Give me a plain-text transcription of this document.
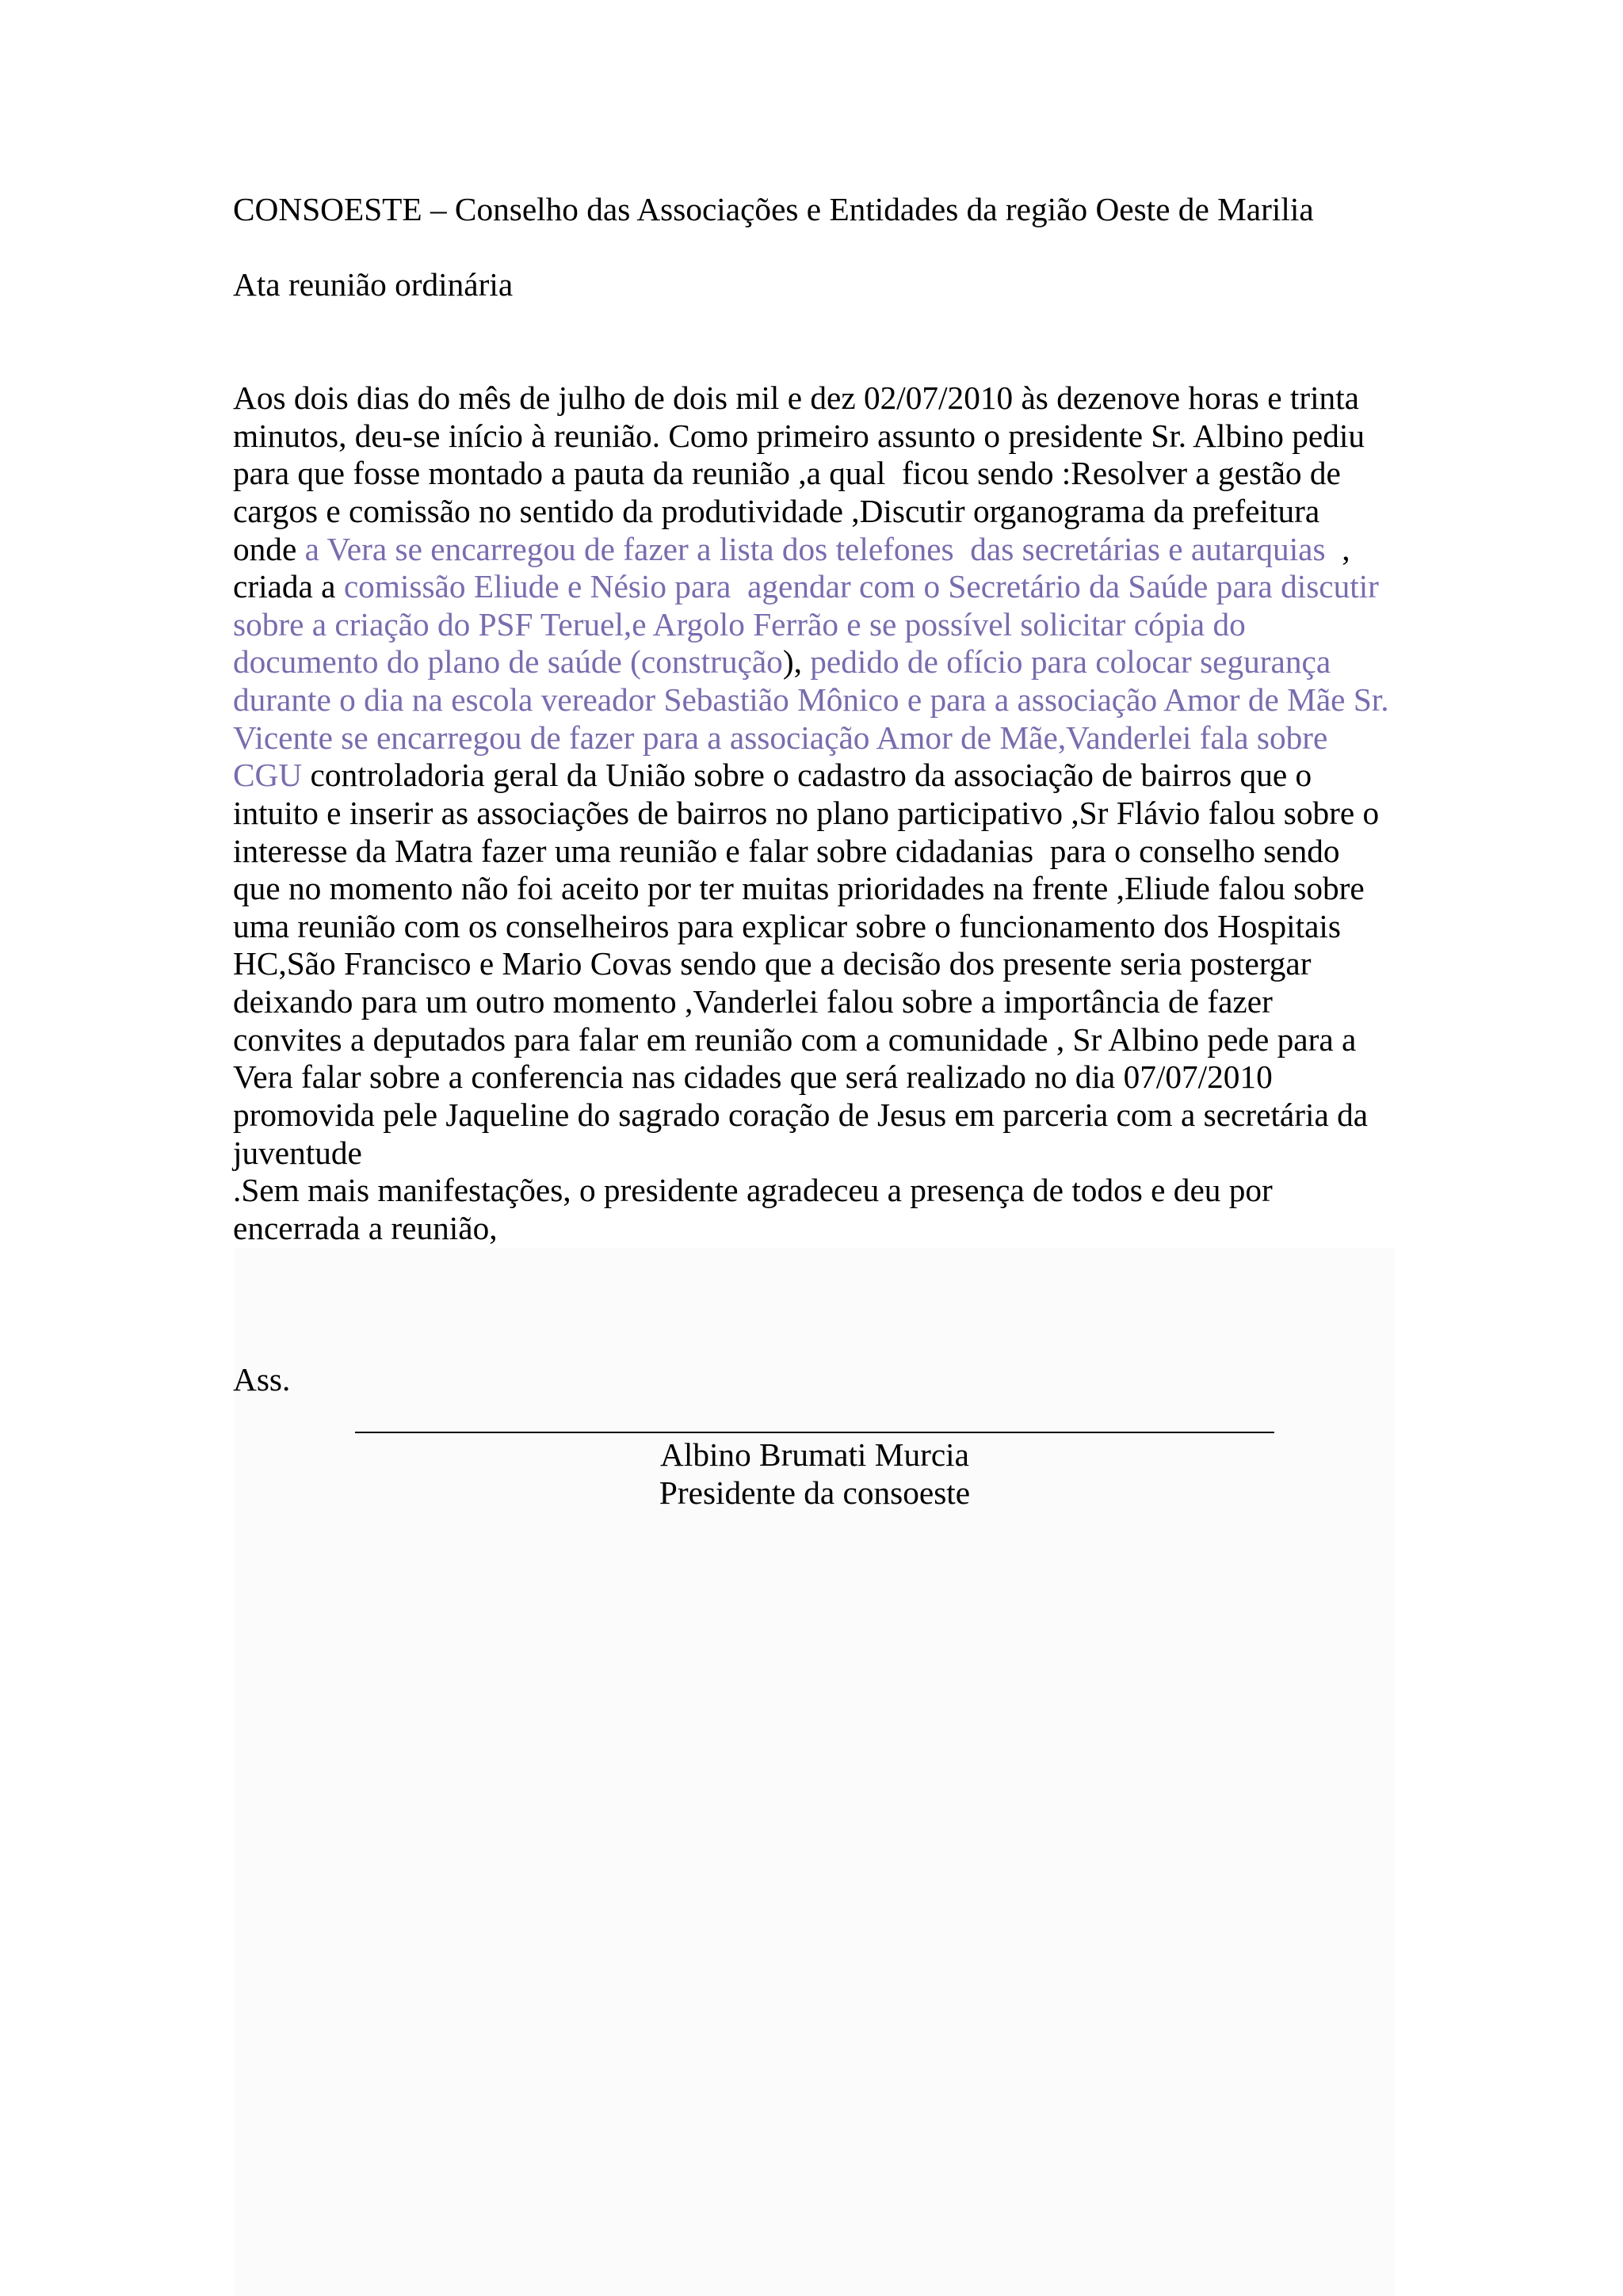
CONSOESTE – Conselho das Associações e Entidades da região Oeste de Marilia
Ata reunião ordinária
Aos dois dias do mês de julho de dois mil e dez 02/07/2010 às dezenove horas e trinta
minutos, deu-se início à reunião. Como primeiro assunto o presidente Sr. Albino pediu
para que fosse montado a pauta da reunião ,a qual  ficou sendo :Resolver a gestão de
cargos e comissão no sentido da produtividade ,Discutir organograma da prefeitura
onde a Vera se encarregou de fazer a lista dos telefones  das secretárias e autarquias  ,
criada a comissão Eliude e Nésio para  agendar com o Secretário da Saúde para discutir
sobre a criação do PSF Teruel,e Argolo Ferrão e se possível solicitar cópia do
documento do plano de saúde (construção), pedido de ofício para colocar segurança
durante o dia na escola vereador Sebastião Mônico e para a associação Amor de Mãe Sr.
Vicente se encarregou de fazer para a associação Amor de Mãe,Vanderlei fala sobre
CGU controladoria geral da União sobre o cadastro da associação de bairros que o
intuito e inserir as associações de bairros no plano participativo ,Sr Flávio falou sobre o
interesse da Matra fazer uma reunião e falar sobre cidadanias  para o conselho sendo
que no momento não foi aceito por ter muitas prioridades na frente ,Eliude falou sobre
uma reunião com os conselheiros para explicar sobre o funcionamento dos Hospitais
HC,São Francisco e Mario Covas sendo que a decisão dos presente seria postergar
deixando para um outro momento ,Vanderlei falou sobre a importância de fazer
convites a deputados para falar em reunião com a comunidade , Sr Albino pede para a
Vera falar sobre a conferencia nas cidades que será realizado no dia 07/07/2010
promovida pele Jaqueline do sagrado coração de Jesus em parceria com a secretária da
juventude
.Sem mais manifestações, o presidente agradeceu a presença de todos e deu por
encerrada a reunião,
Ass.
Albino Brumati Murcia
Presidente da consoeste
